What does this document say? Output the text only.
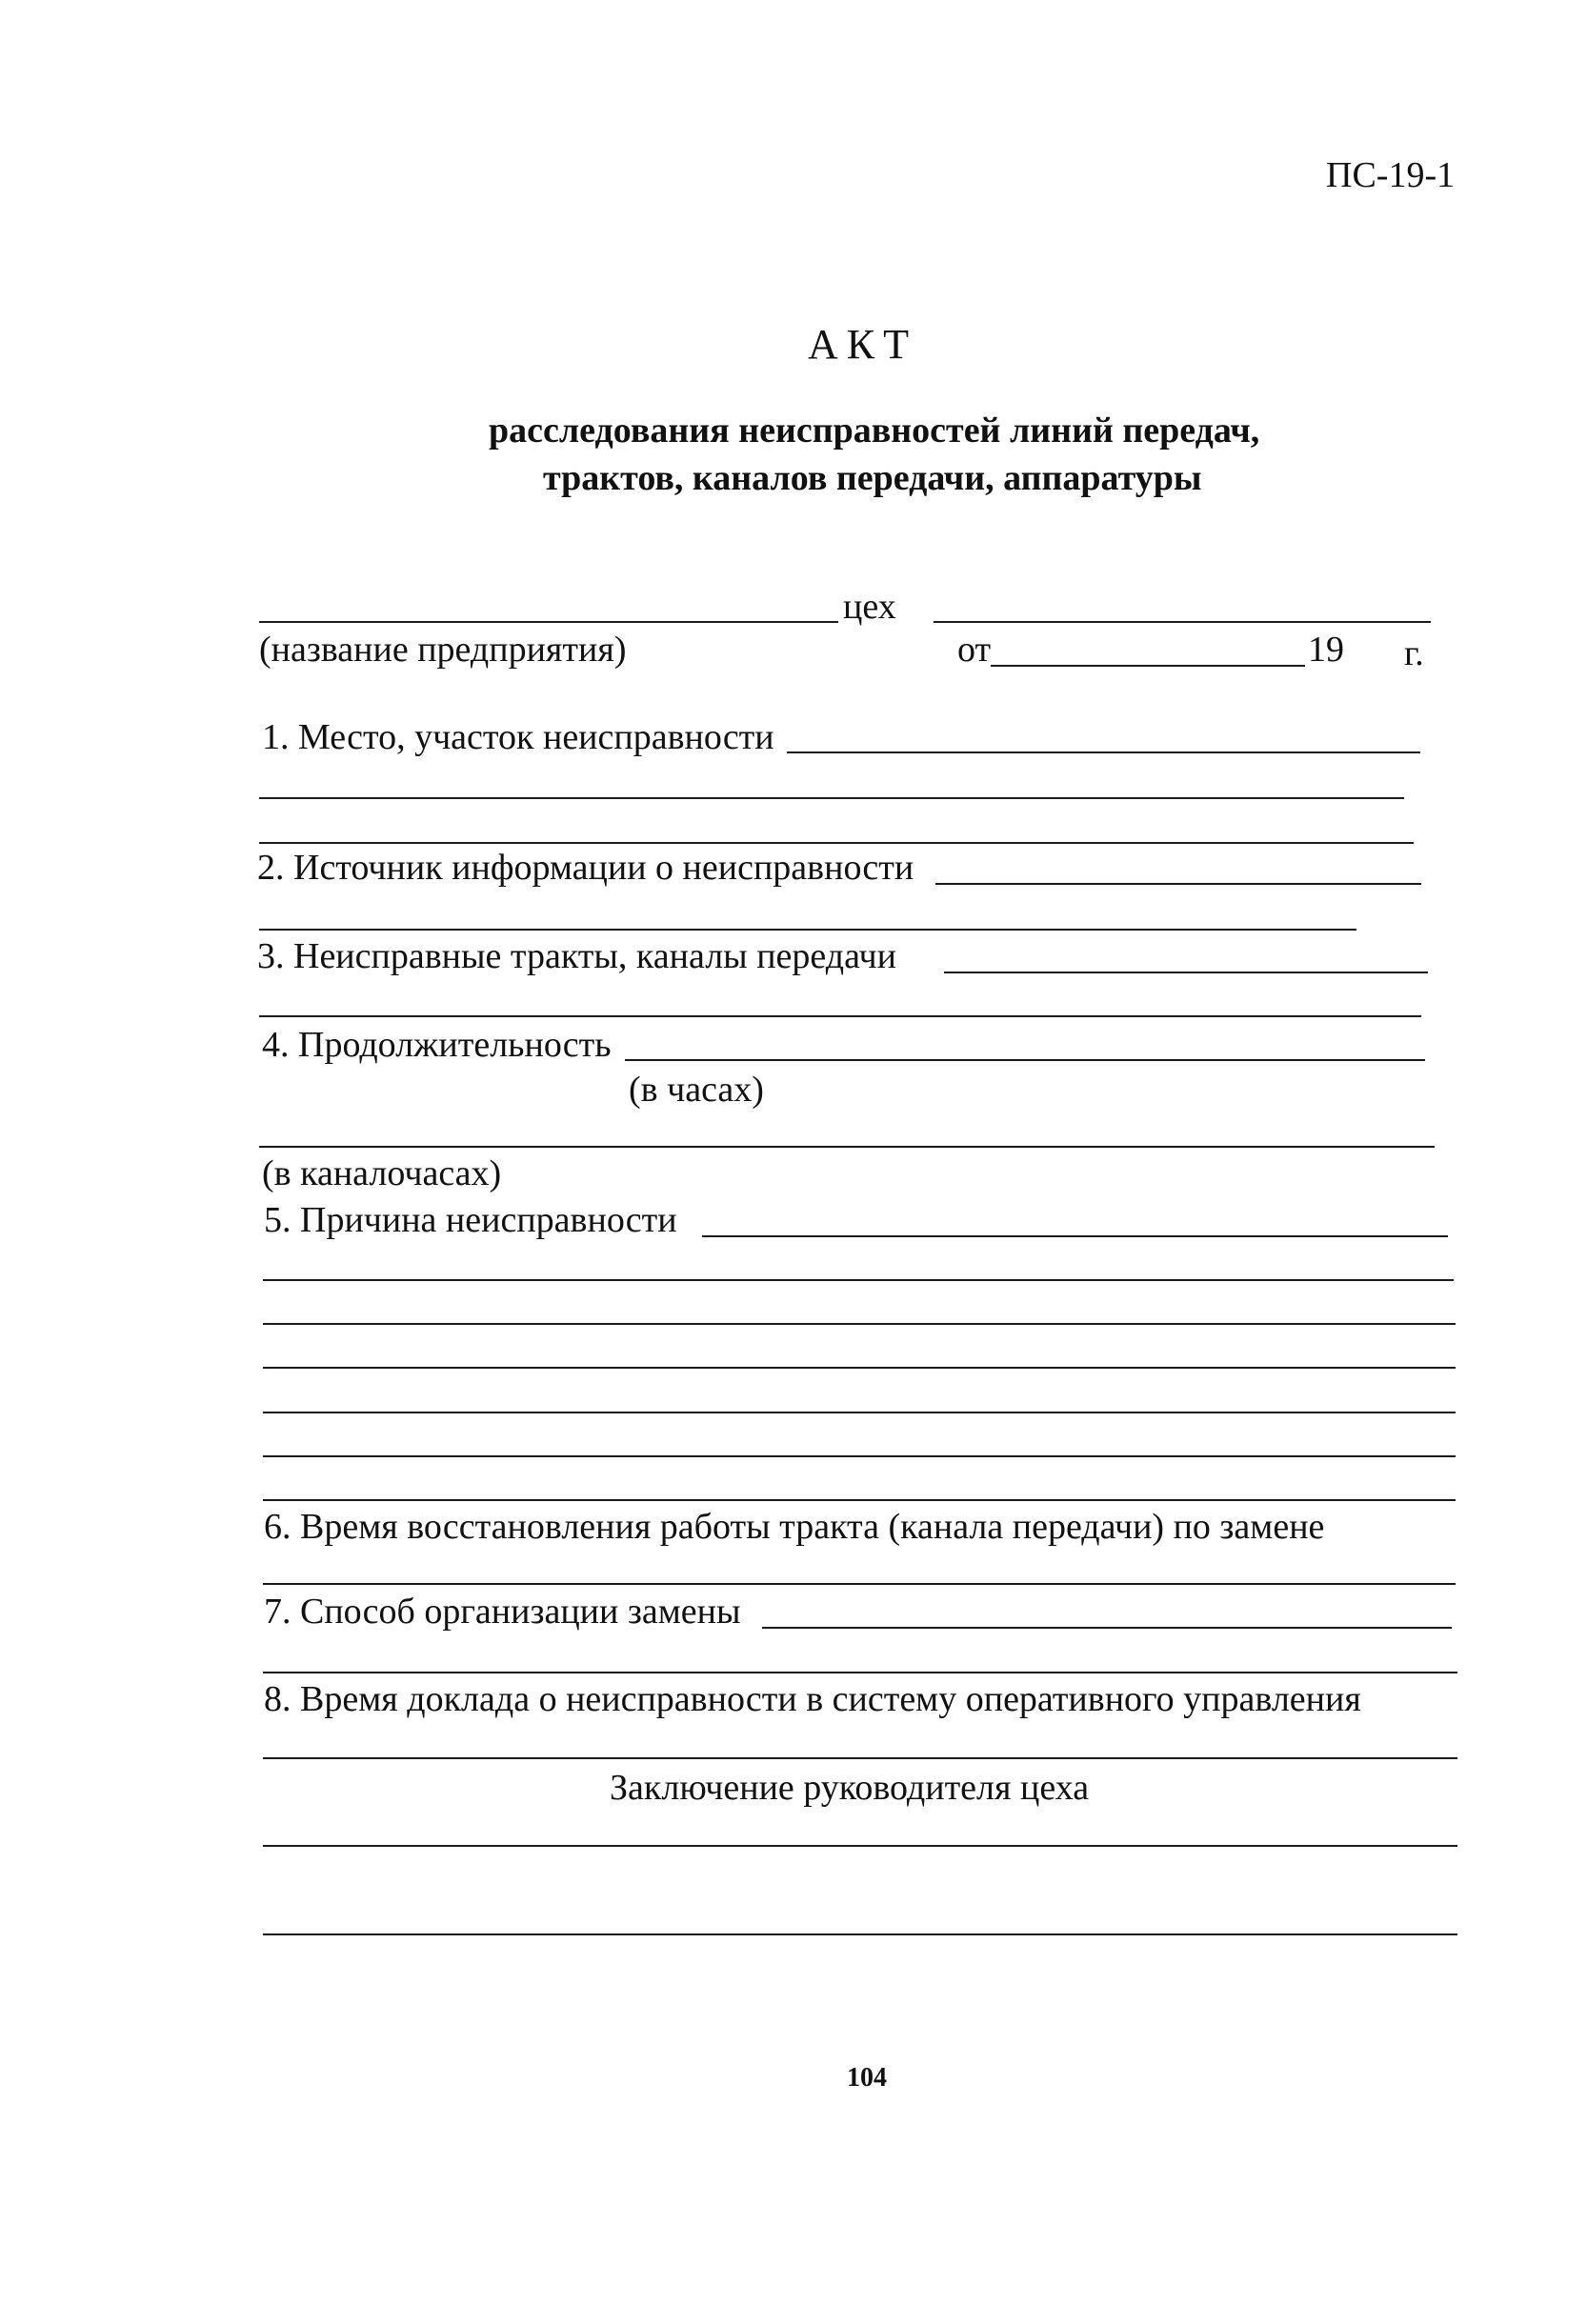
ПС-19-1
АКТ
расследования неисправностей линий передач,
трактов, каналов передачи, аппаратуры
цех
(название предприятия)	от	19 г.
1. Место, участок неисправности
2. Источник информации о неисправности
3. Неисправные тракты, каналы передачи
4. Продолжительность
(в часах)
(в каналочасах)
5. Причина неисправности
6. Время восстановления работы тракта (канала передачи) по замене
7. Способ организации замены
8. Время доклада о неисправности в систему оперативного управления
Заключение руководителя цеха
104
